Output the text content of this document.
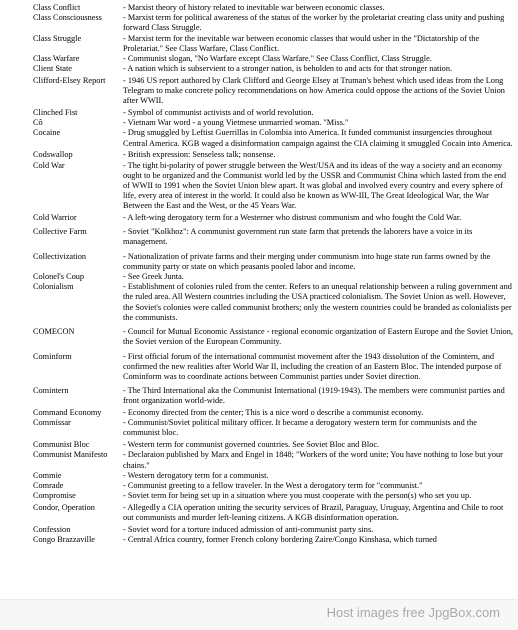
Class Conflict	- Marxist theory of history related to inevitable war between economic classes.
Class Consciousness	- Marxist term for political awareness of the status of the worker by the proletariat creating class unity and pushing forward Class Struggle.
Class Struggle	- Marxist term for the inevitable war between economic classes that would usher in the "Dictatorship of the Proletariat." See Class Warfare, Class Conflict.
Class Warfare	- Communist slogan, "No Warfare except Class Warfare." See Class Conflict, Class Struggle.
Client State	- A nation which is subservient to a stronger nation, is beholden to and acts for that stronger nation.
Clifford-Elsey Report	- 1946 US report authored by Clark Clifford and George Elsey at Truman's behest which used ideas from the Long Telegram to make concrete policy recommendations on how America could oppose the actions of the Soviet Union after WWII.
Clinched Fist	- Symbol of communist activists and of world revolution.
Cô	- Vietnam War word - a young Vietmese unmarried woman. "Miss."
Cocaine	- Drug smuggled by Leftist Guerrillas in Colombia into America. It funded communist insurgencies throughout Central America. KGB waged a disinformation campaign against the CIA claiming it smuggled Cocain into America.
Codswallop	- British expression: Senseless talk; nonsense.
Cold War	- The tight bi-polarity of power struggle between the West/USA and its ideas of the way a society and an economy ought to be organized and the Communist world led by the USSR and Communist China which lasted from the end of WWII to 1991 when the Soviet Union blew apart. It was global and involved every country and every sphere of life, every area of interest in the world. It could also be known as WW-III, The Great Ideological War, the War Between the East and the West, or the 45 Years War.
Cold Warrior	- A left-wing derogatory term for a Westerner who distrust communism and who fought the Cold War.
Collective Farm	- Soviet "Kolkhoz": A communist government run state farm that pretends the laborers have a voice in its management.
Collectivization	- Nationalization of private farms and their merging under communism into huge state run farms owned by the community party or state on which peasants pooled labor and income.
Colonel's Coup	- See Greek Junta.
Colonialism	- Establishment of colonies ruled from the center. Refers to an unequal relationship between a ruling government and the ruled area. All Western countries including the USA practiced colonialism. The Soviet Union as well. However, the Soviet's colonies were called communist brothers; only the western countries could be branded as colonialists per the communists.
COMECON	- Council for Mutual Economic Assistance - regional economic organization of Eastern Europe and the Soviet Union, the Soviet version of the European Community.
Cominform	- First official forum of the international communist movement after the 1943 dissolution of the Comintern, and confirmed the new realities after World War II, including the creation of an Eastern Bloc. The intended purpose of Cominform was to coordinate actions between Communist parties under Soviet direction.
Comintern	- The Third International aka the Communist International (1919-1943). The members were communist parties and front organization world-wide.
Command Economy	- Economy directed from the center; This is a nice word o describe a communist economy.
Commissar	- Communist/Soviet political military officer. It became a derogatory western term for communists and the communist bloc.
Communist Bloc	- Western term for communist governed countries. See Soviet Bloc and Bloc.
Communist Manifesto	- Declaraion published by Marx and Engel in 1848; "Workers of the word unite; You have nothing to lose but your chains."
Commie	- Western derogatory term for a communist.
Comrade	- Communist greeting to a fellow traveler. In the West a derogatory term for "communist."
Compromise	- Soviet term for being set up in a situation where you must cooperate with the person(s) who set you up.
Condor, Operation	- Allegedly a CIA operation uniting the security services of Brazil, Paraguay, Uruguay, Argentina and Chile to root out communists and murder left-leaning citizens. A KGB disinformation operation.
Confession	- Soviet word for a torture induced admission of anti-communist party sins.
Congo Brazzaville	- Central Africa country, former French colony bordering Zaire/Congo Kinshasa, which turned
Host images free JpgBox.com
